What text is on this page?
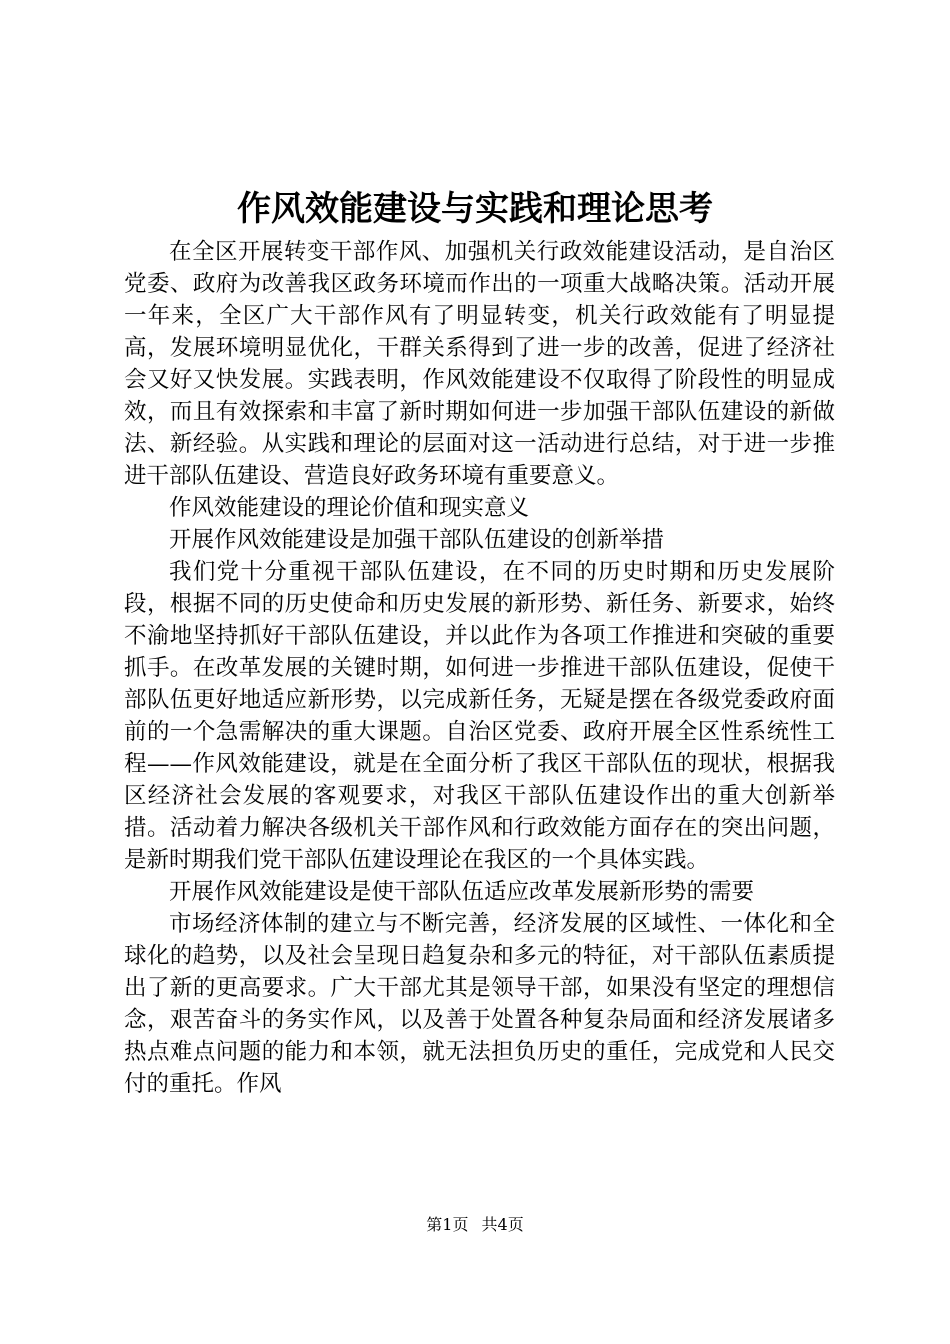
作风效能建设与实践和理论思考

在全区开展转变干部作风、加强机关行政效能建设活动，是自治区党委、政府为改善我区政务环境而作出的一项重大战略决策。活动开展一年来，全区广大干部作风有了明显转变，机关行政效能有了明显提高，发展环境明显优化，干群关系得到了进一步的改善，促进了经济社会又好又快发展。实践表明，作风效能建设不仅取得了阶段性的明显成效，而且有效探索和丰富了新时期如何进一步加强干部队伍建设的新做法、新经验。从实践和理论的层面对这一活动进行总结，对于进一步推进干部队伍建设、营造良好政务环境有重要意义。

作风效能建设的理论价值和现实意义

开展作风效能建设是加强干部队伍建设的创新举措

我们党十分重视干部队伍建设，在不同的历史时期和历史发展阶段，根据不同的历史使命和历史发展的新形势、新任务、新要求，始终不渝地坚持抓好干部队伍建设，并以此作为各项工作推进和突破的重要抓手。在改革发展的关键时期，如何进一步推进干部队伍建设，促使干部队伍更好地适应新形势，以完成新任务，无疑是摆在各级党委政府面前的一个急需解决的重大课题。自治区党委、政府开展全区性系统性工程——作风效能建设，就是在全面分析了我区干部队伍的现状，根据我区经济社会发展的客观要求，对我区干部队伍建设作出的重大创新举措。活动着力解决各级机关干部作风和行政效能方面存在的突出问题，是新时期我们党干部队伍建设理论在我区的一个具体实践。

开展作风效能建设是使干部队伍适应改革发展新形势的需要

市场经济体制的建立与不断完善，经济发展的区域性、一体化和全球化的趋势，以及社会呈现日趋复杂和多元的特征，对干部队伍素质提出了新的更高要求。广大干部尤其是领导干部，如果没有坚定的理想信念，艰苦奋斗的务实作风，以及善于处置各种复杂局面和经济发展诸多热点难点问题的能力和本领，就无法担负历史的重任，完成党和人民交付的重托。作风

第1页 共4页
